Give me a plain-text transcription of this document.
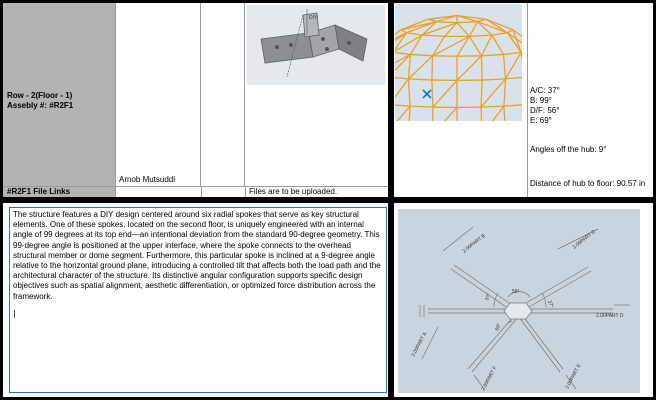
Row - 2(Floor - 1)
Assebly #: #R2F1
Arnob Mutsuddi
#R2F1 File Links	Files are to be uploaded.
DIY
A/C: 37°
B: 99°
D/F: 56°
E: 69°
Angles off the hub: 9°
Distance of hub to floor: 90.57 in
The structure features a DIY design centered around six radial spokes that serve as key structural elements. One of these spokes, located on the second floor, is uniquely engineered with an internal angle of 99 degrees at its top end—an intentional deviation from the standard 90-degree geometry. This 99-degree angle is positioned at the upper interface, where the spoke connects to the overhead structural member or dome segment. Furthermore, this particular spoke is inclined at a 9-degree angle relative to the horizontal ground plane, introducing a controlled tilt that affects both the load path and the architectural character of the structure. Its distinctive angular configuration supports specific design objectives such as spatial alignment, aesthetic differentiation, or optimized force distribution across the framework.
2.00PART A
2.00PART B	2.00PART C
2.00PART D
2.00PART E
2.00PART F
56°
37°
37°
69°
